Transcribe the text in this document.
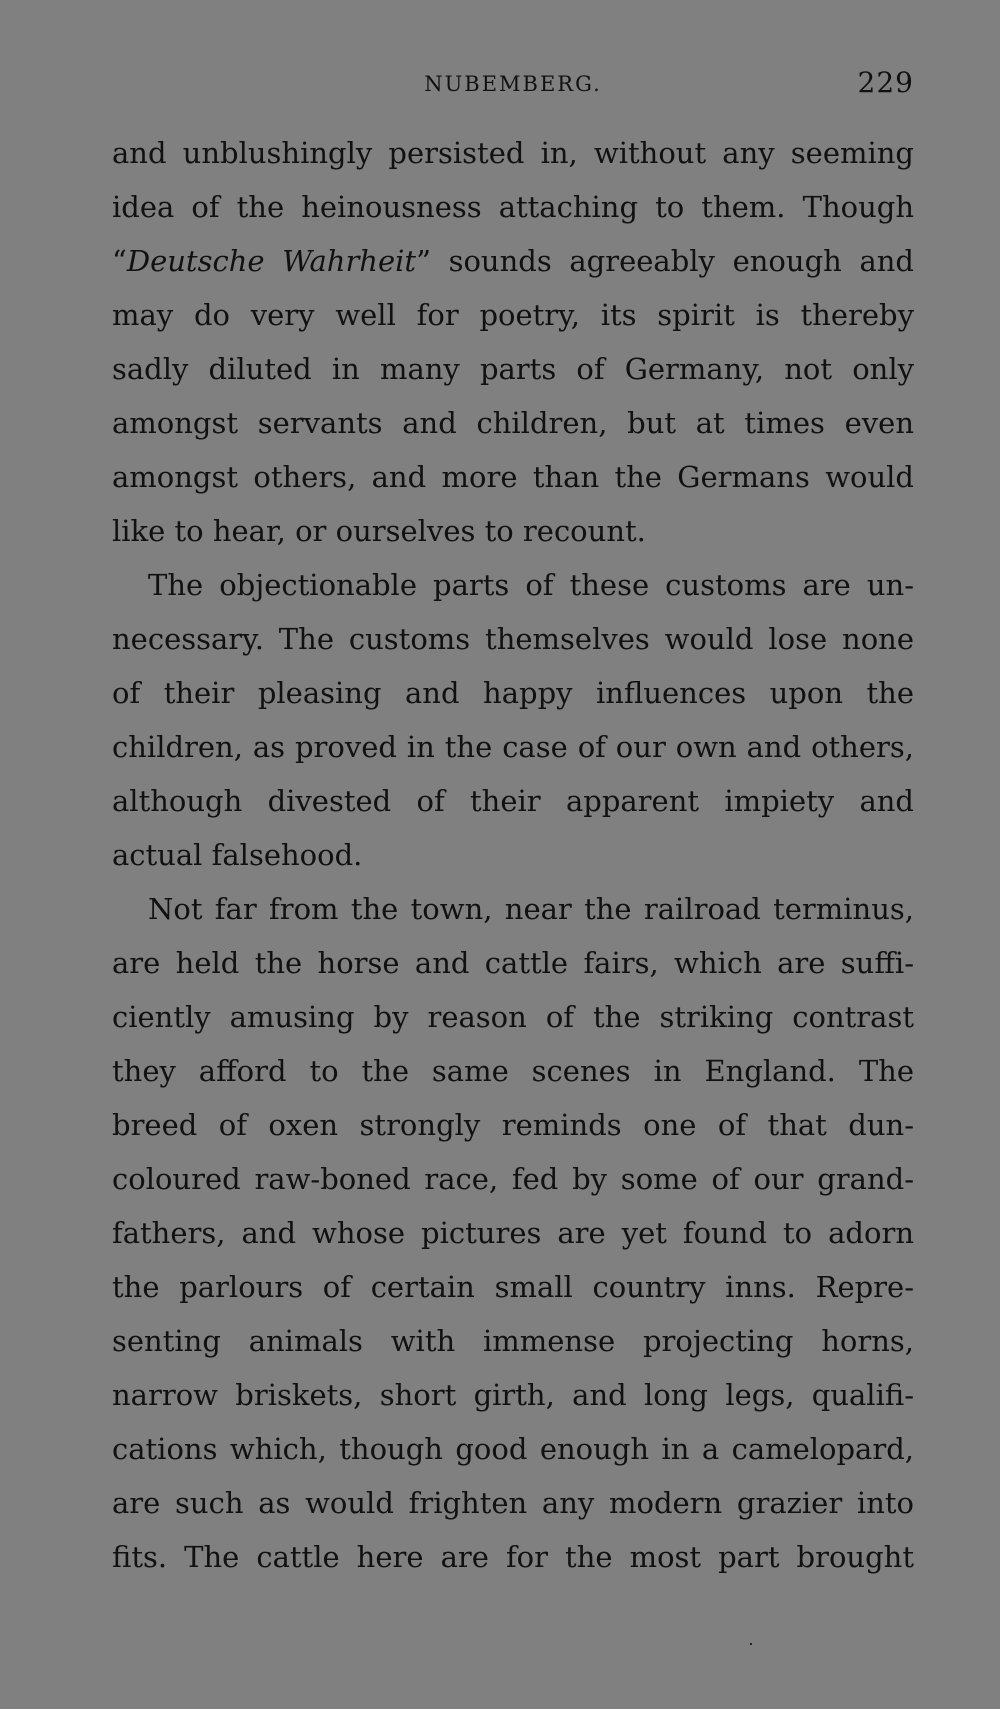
NUBEMBERG.	229
and unblushingly persisted in, without any seeming
idea of the heinousness attaching to them. Though
“Deutsche Wahrheit” sounds agreeably enough and
may do very well for poetry, its spirit is thereby
sadly diluted in many parts of Germany, not only
amongst servants and children, but at times even
amongst others, and more than the Germans would
like to hear, or ourselves to recount.
The objectionable parts of these customs are un-
necessary. The customs themselves would lose none
of their pleasing and happy influences upon the
children, as proved in the case of our own and others,
although divested of their apparent impiety and
actual falsehood.
Not far from the town, near the railroad terminus,
are held the horse and cattle fairs, which are suffi-
ciently amusing by reason of the striking contrast
they afford to the same scenes in England. The
breed of oxen strongly reminds one of that dun-
coloured raw-boned race, fed by some of our grand-
fathers, and whose pictures are yet found to adorn
the parlours of certain small country inns. Repre-
senting animals with immense projecting horns,
narrow briskets, short girth, and long legs, qualifi-
cations which, though good enough in a camelopard,
are such as would frighten any modern grazier into
fits. The cattle here are for the most part brought
